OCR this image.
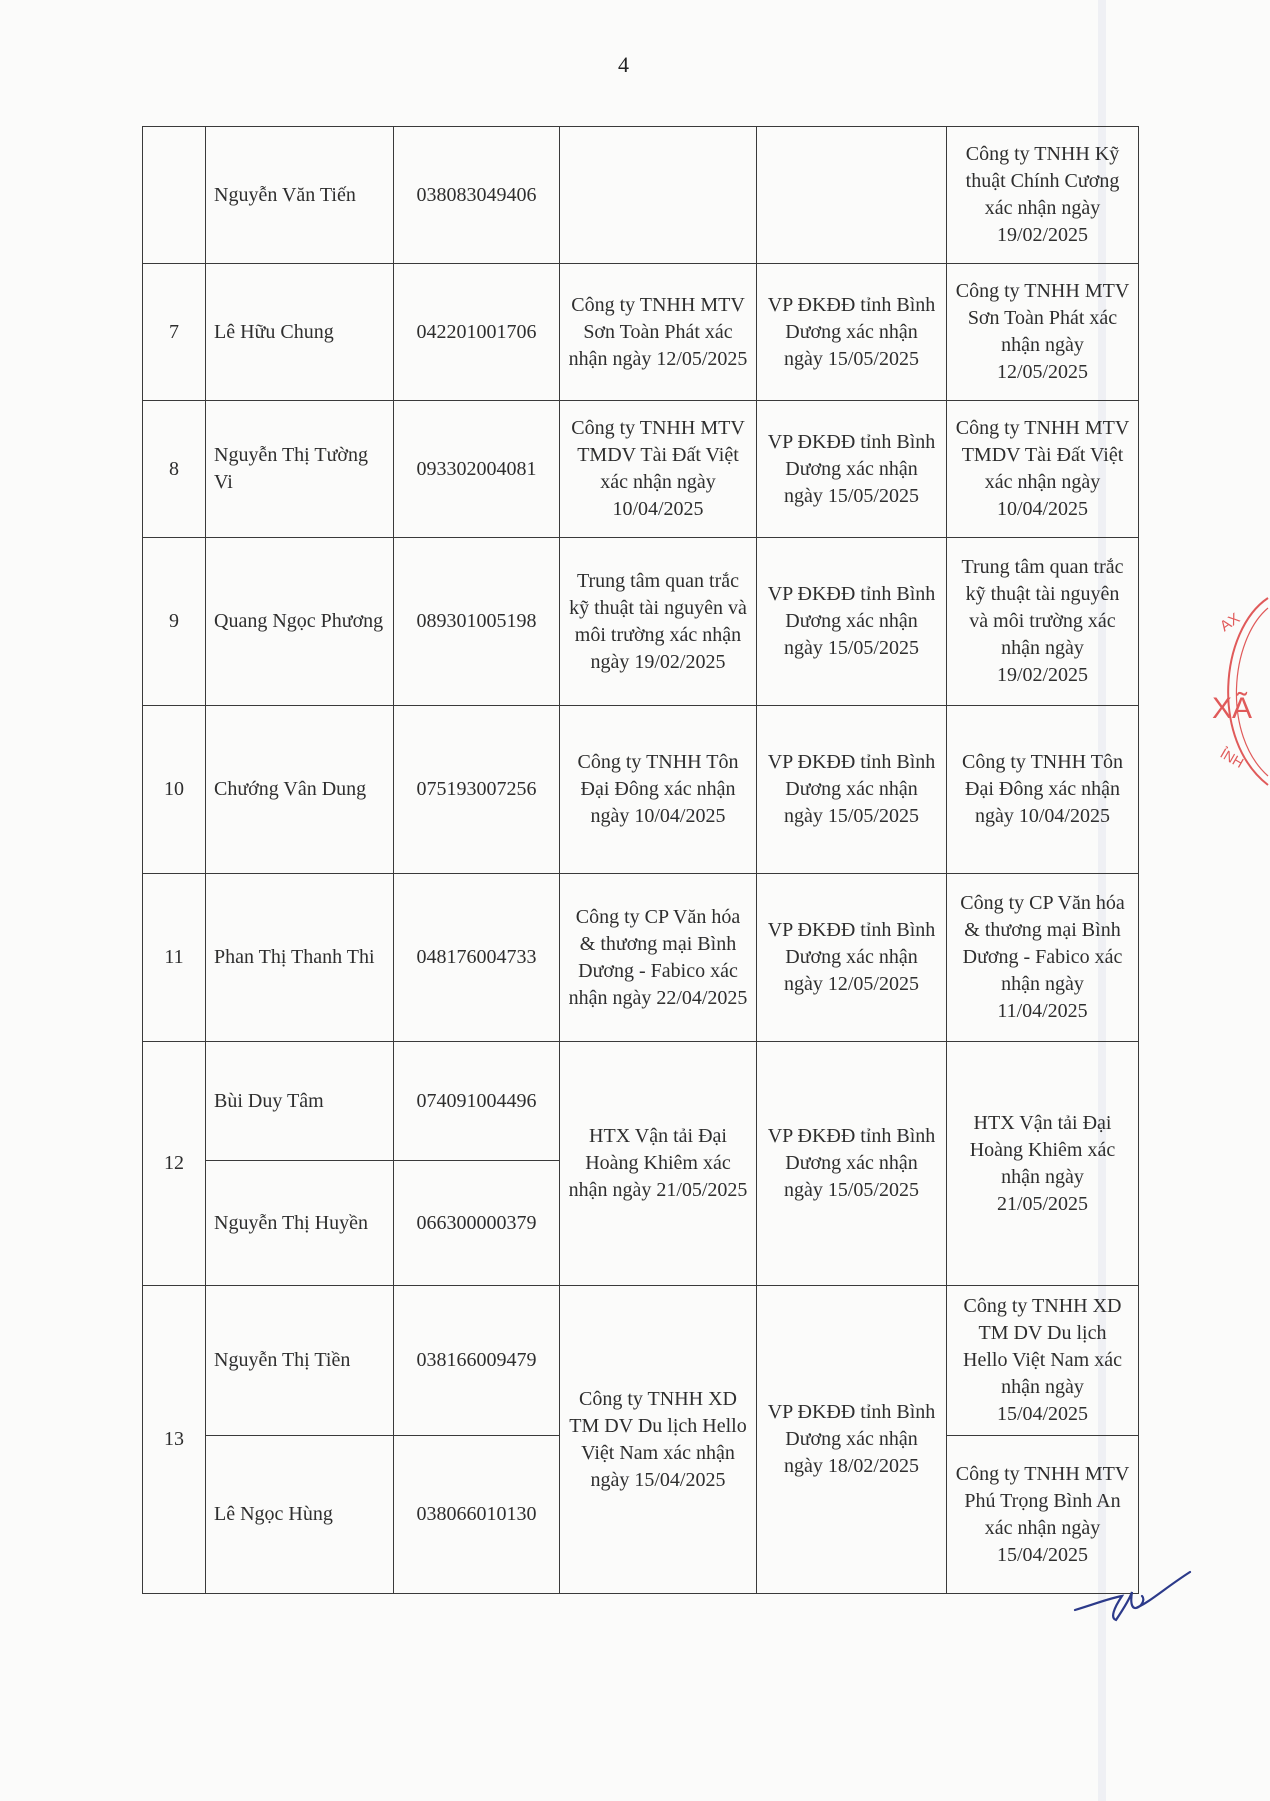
4
	Nguyễn Văn Tiến	038083049406			Công ty TNHH Kỹ thuật Chính Cương xác nhận ngày 19/02/2025
7	Lê Hữu Chung	042201001706	Công ty TNHH MTV Sơn Toàn Phát xác nhận ngày 12/05/2025	VP ĐKĐĐ tỉnh Bình Dương xác nhận ngày 15/05/2025	Công ty TNHH MTV Sơn Toàn Phát xác nhận ngày 12/05/2025
8	Nguyễn Thị Tường Vi	093302004081	Công ty TNHH MTV TMDV Tài Đất Việt xác nhận ngày 10/04/2025	VP ĐKĐĐ tỉnh Bình Dương xác nhận ngày 15/05/2025	Công ty TNHH MTV TMDV Tài Đất Việt xác nhận ngày 10/04/2025
9	Quang Ngọc Phương	089301005198	Trung tâm quan trắc kỹ thuật tài nguyên và môi trường xác nhận ngày 19/02/2025	VP ĐKĐĐ tỉnh Bình Dương xác nhận ngày 15/05/2025	Trung tâm quan trắc kỹ thuật tài nguyên và môi trường xác nhận ngày 19/02/2025
10	Chướng Vân Dung	075193007256	Công ty TNHH Tôn Đại Đông xác nhận ngày 10/04/2025	VP ĐKĐĐ tỉnh Bình Dương xác nhận ngày 15/05/2025	Công ty TNHH Tôn Đại Đông xác nhận ngày 10/04/2025
11	Phan Thị Thanh Thi	048176004733	Công ty CP Văn hóa & thương mại Bình Dương - Fabico xác nhận ngày 22/04/2025	VP ĐKĐĐ tỉnh Bình Dương xác nhận ngày 12/05/2025	Công ty CP Văn hóa & thương mại Bình Dương - Fabico xác nhận ngày 11/04/2025
12	Bùi Duy Tâm	074091004496	HTX Vận tải Đại Hoàng Khiêm xác nhận ngày 21/05/2025	VP ĐKĐĐ tỉnh Bình Dương xác nhận ngày 15/05/2025	HTX Vận tải Đại Hoàng Khiêm xác nhận ngày 21/05/2025
	Nguyễn Thị Huyền	066300000379			
13	Nguyễn Thị Tiền	038166009479	Công ty TNHH XD TM DV Du lịch Hello Việt Nam xác nhận ngày 15/04/2025	VP ĐKĐĐ tỉnh Bình Dương xác nhận ngày 18/02/2025	Công ty TNHH XD TM DV Du lịch Hello Việt Nam xác nhận ngày 15/04/2025
	Lê Ngọc Hùng	038066010130			Công ty TNHH MTV Phú Trọng Bình An xác nhận ngày 15/04/2025
AX
XÃ
ỈNH
